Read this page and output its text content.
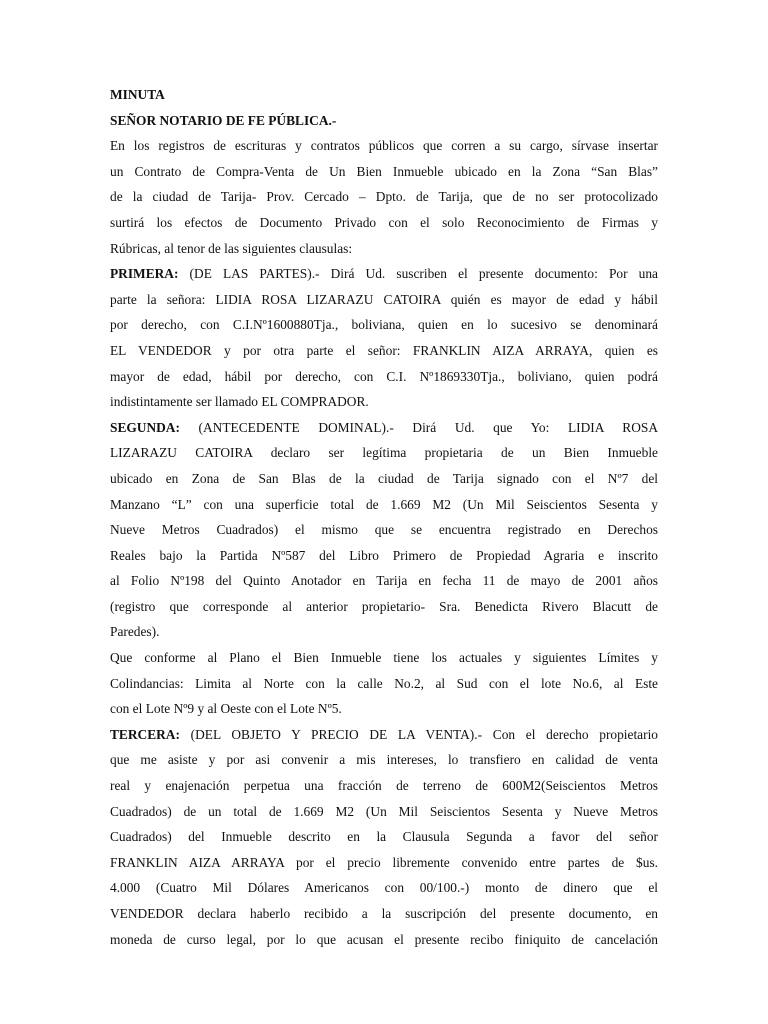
MINUTA
SEÑOR NOTARIO DE FE PÚBLICA.-
En los registros de escrituras y contratos públicos que corren a su cargo, sírvase insertar
un Contrato de Compra-Venta de Un Bien Inmueble ubicado en la Zona “San Blas”
de la ciudad de Tarija- Prov. Cercado – Dpto. de Tarija, que de no ser protocolizado
surtirá los efectos de Documento Privado con el solo Reconocimiento de Firmas y
Rúbricas, al tenor de las siguientes clausulas:
PRIMERA: (DE LAS PARTES).- Dirá Ud. suscriben el presente documento: Por una
parte la señora: LIDIA ROSA LIZARAZU CATOIRA quién es mayor de edad y hábil
por derecho, con C.I.Nº1600880Tja., boliviana, quien en lo sucesivo se denominará
EL VENDEDOR y por otra parte el señor: FRANKLIN AIZA ARRAYA, quien es
mayor de edad, hábil por derecho, con C.I. Nº1869330Tja., boliviano, quien podrá
indistintamente ser llamado EL COMPRADOR.
SEGUNDA: (ANTECEDENTE DOMINAL).- Dirá Ud. que Yo: LIDIA ROSA
LIZARAZU CATOIRA declaro ser legítima propietaria de un Bien Inmueble
ubicado en Zona de San Blas de la ciudad de Tarija signado con el Nº7 del
Manzano “L” con una superficie total de 1.669 M2 (Un Mil Seiscientos Sesenta y
Nueve Metros Cuadrados) el mismo que se encuentra registrado en Derechos
Reales bajo la Partida Nº587 del Libro Primero de Propiedad Agraria e inscrito
al Folio Nº198 del Quinto Anotador en Tarija en fecha 11 de mayo de 2001 años
(registro que corresponde al anterior propietario- Sra. Benedicta Rivero Blacutt de
Paredes).
Que conforme al Plano el Bien Inmueble tiene los actuales y siguientes Límites y
Colindancias: Limita al Norte con la calle No.2, al Sud con el lote No.6, al Este
con el Lote Nº9 y al Oeste con el Lote Nº5.
TERCERA: (DEL OBJETO Y PRECIO DE LA VENTA).- Con el derecho propietario
que me asiste y por asi convenir a mis intereses, lo transfiero en calidad de venta
real y enajenación perpetua una fracción de terreno de 600M2(Seiscientos Metros
Cuadrados) de un total de 1.669 M2 (Un Mil Seiscientos Sesenta y Nueve Metros
Cuadrados) del Inmueble descrito en la Clausula Segunda a favor del señor
FRANKLIN AIZA ARRAYA por el precio libremente convenido entre partes de $us.
4.000 (Cuatro Mil Dólares Americanos con 00/100.-) monto de dinero que el
VENDEDOR declara haberlo recibido a la suscripción del presente documento, en
moneda de curso legal, por lo que acusan el presente recibo finiquito de cancelación
